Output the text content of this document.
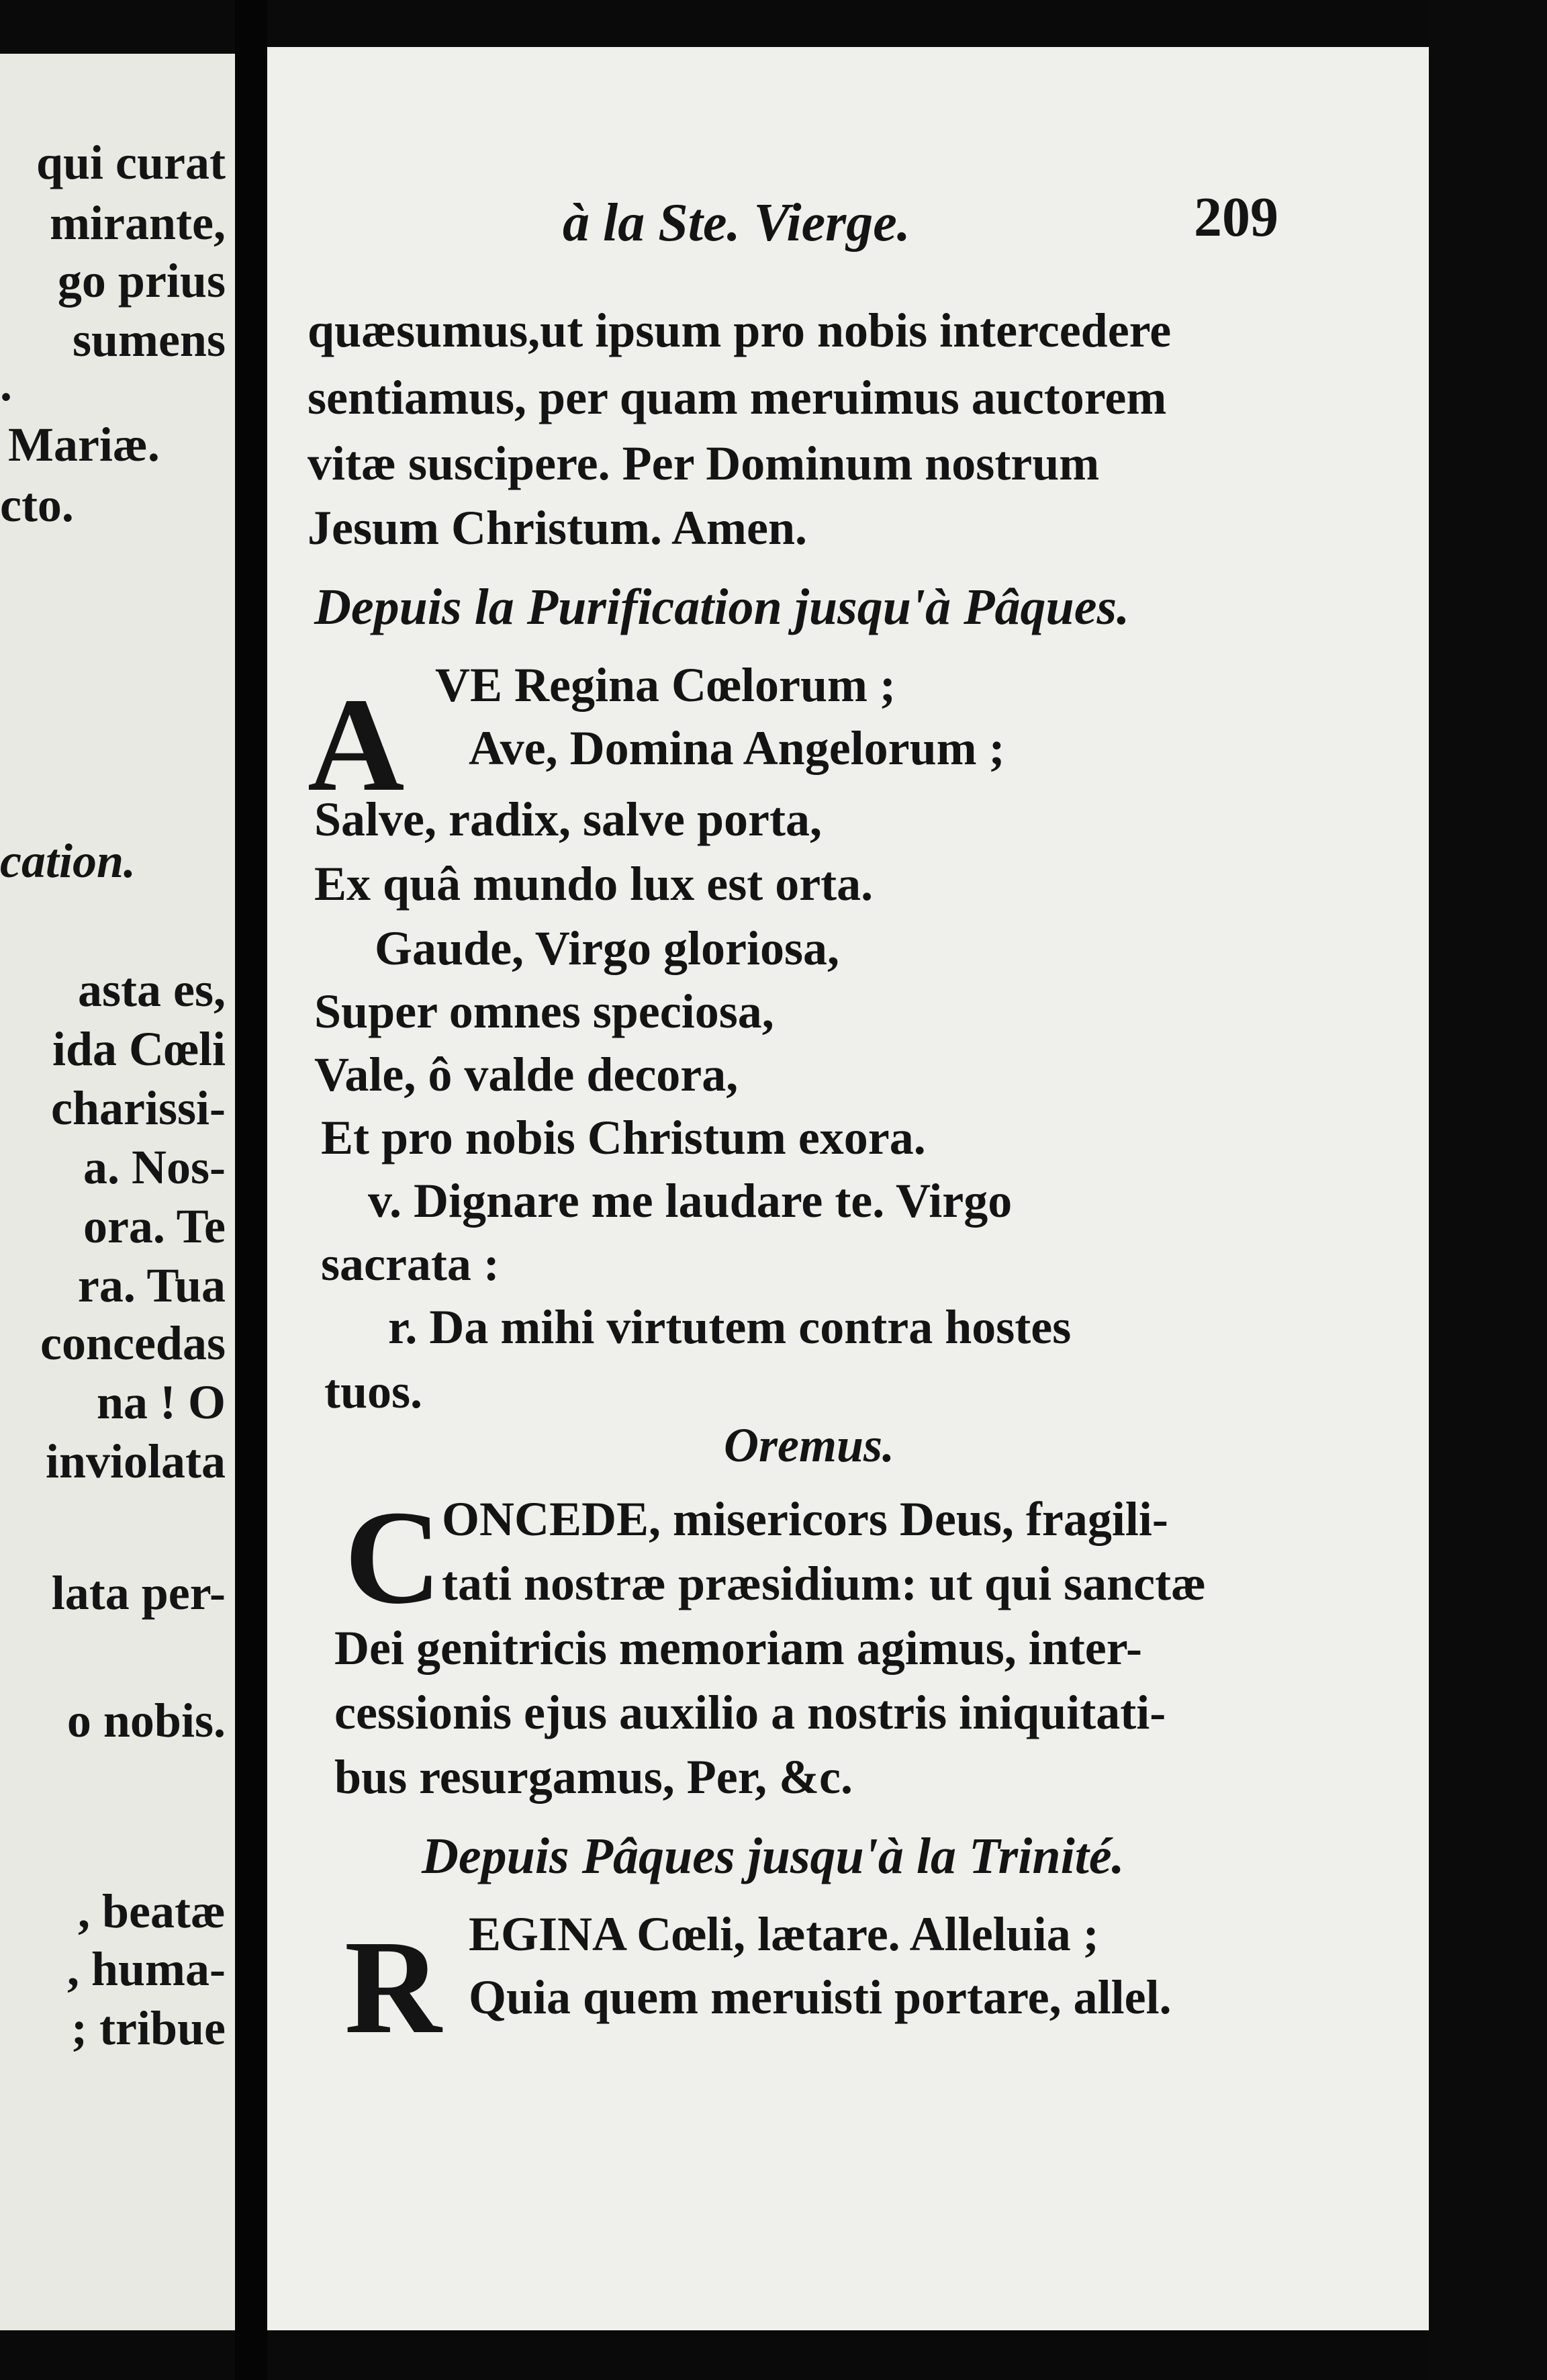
qui curat
mirante,
go prius
sumens
.
Mariæ.
cto.
cation.
asta es,
ida Cœli
charissi-
a. Nos-
ora. Te
ra. Tua
concedas
na ! O
inviolata
lata per-
o nobis.
, beatæ
, huma-
; tribue
à la Ste. Vierge.	209
quæsumus,ut ipsum pro nobis intercedere
sentiamus, per quam meruimus auctorem
vitæ suscipere. Per Dominum nostrum
Jesum Christum. Amen.
Depuis la Purification jusqu'à Pâques.
A VE Regina Cœlorum ;
Ave, Domina Angelorum ;
Salve, radix, salve porta,
Ex quâ mundo lux est orta.
Gaude, Virgo gloriosa,
Super omnes speciosa,
Vale, ô valde decora,
Et pro nobis Christum exora.
v. Dignare me laudare te. Virgo
sacrata :
r. Da mihi virtutem contra hostes
tuos.
Oremus.
C ONCEDE, misericors Deus, fragili-
tati nostræ præsidium: ut qui sanctæ
Dei genitricis memoriam agimus, inter-
cessionis ejus auxilio a nostris iniquitati-
bus resurgamus, Per, &c.
Depuis Pâques jusqu'à la Trinité.
R EGINA Cœli, lætare. Alleluia ;
Quia quem meruisti portare, allel.
